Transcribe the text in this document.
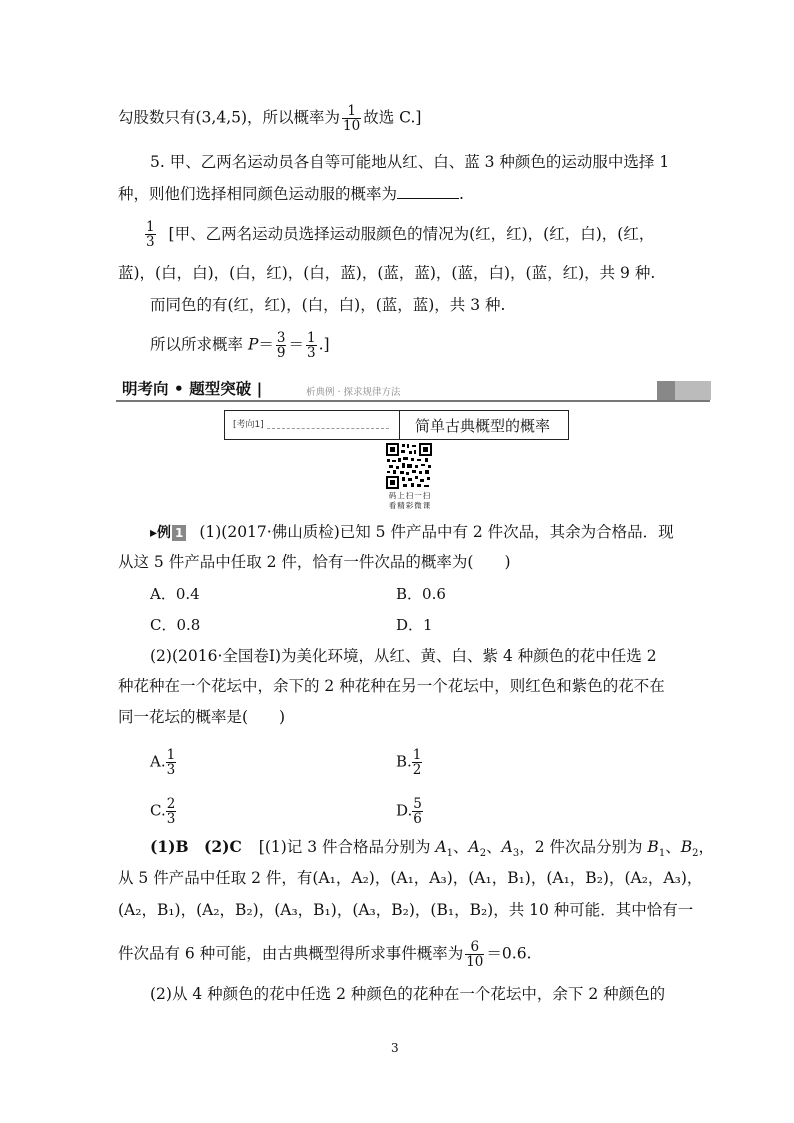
勾股数只有(3,4,5)，所以概率为 $\frac{1}{10}$ 故选 C.]
5. 甲、乙两名运动员各自等可能地从红、白、蓝 3 种颜色的运动服中选择 1
种，则他们选择相同颜色运动服的概率为	.
$\frac{1}{3}$ [甲、乙两名运动员选择运动服颜色的情况为(红，红)，(红，白)，(红，
蓝)，(白，白)，(白，红)，(白，蓝)，(蓝，蓝)，(蓝，白)，(蓝，红)，共 9 种.
而同色的有(红，红)，(白，白)，(蓝，蓝)，共 3 种.
所以所求概率 $P= \frac{3}{9} = \frac{1}{3}$ .]
明考向 • 题型突破 |	析典例 · 探求规律方法
[考向1]	简单古典概型的概率
码上扫一扫
看精彩微课
▸例 1 (1)(2017·佛山质检)已知 5 件产品中有 2 件次品，其余为合格品．现
从这 5 件产品中任取 2 件，恰有一件次品的概率为(　　)
A．0.4	B．0.6
C．0.8	D．1
(2)(2016·全国卷Ⅰ)为美化环境，从红、黄、白、紫 4 种颜色的花中任选 2
种花种在一个花坛中，余下的 2 种花种在另一个花坛中，则红色和紫色的花不在
同一花坛的概率是(　　)
A. $\frac{1}{3}$	B. $\frac{1}{2}$
C. $\frac{2}{3}$	D. $\frac{5}{6}$
(1)B　(2)C [(1)记 3 件合格品分别为 $A_1$、$A_2$、$A_3$，2 件次品分别为 $B_1$、$B_2$，
从 5 件产品中任取 2 件，有(A₁，A₂)，(A₁，A₃)，(A₁，B₁)，(A₁，B₂)，(A₂，A₃)，
(A₂，B₁)，(A₂，B₂)，(A₃，B₁)，(A₃，B₂)，(B₁，B₂)，共 10 种可能．其中恰有一
件次品有 6 种可能，由古典概型得所求事件概率为 $\frac{6}{10} =0.6$.
(2)从 4 种颜色的花中任选 2 种颜色的花种在一个花坛中，余下 2 种颜色的
3
